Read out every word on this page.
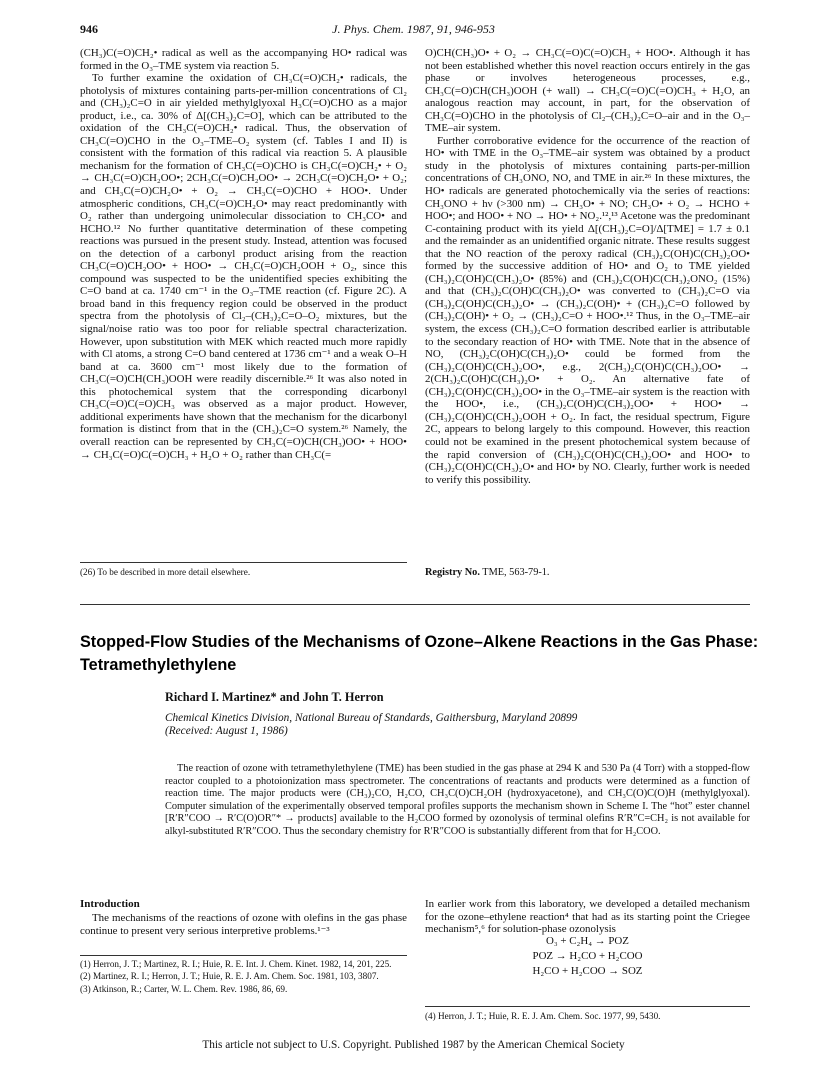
946	J. Phys. Chem. 1987, 91, 946-953

(CH₃)C(=O)CH₂• radical as well as the accompanying HO• radical was formed in the O₃–TME system via reaction 5.

To further examine the oxidation of CH₃C(=O)CH₂• radicals, the photolysis of mixtures containing parts-per-million concentrations of Cl₂ and (CH₃)₂C=O in air yielded methylglyoxal H₃C(=O)CHO as a major product, i.e., ca. 30% of Δ[(CH₃)₂C=O], which can be attributed to the oxidation of the CH₃C(=O)CH₂• radical. Thus, the observation of CH₃C(=O)CHO in the O₃–TME–O₂ system (cf. Tables I and II) is consistent with the formation of this radical via reaction 5. A plausible mechanism for the formation of CH₃C(=O)CHO is CH₃C(=O)CH₂• + O₂ → CH₃C(=O)CH₂OO•; 2CH₃C(=O)CH₂OO• → 2CH₃C(=O)CH₂O• + O₂; and CH₃C(=O)CH₂O• + O₂ → CH₃C(=O)CHO + HOO•. Under atmospheric conditions, CH₃C(=O)CH₂O• may react predominantly with O₂ rather than undergoing unimolecular dissociation to CH₃CO• and HCHO.¹² No further quantitative determination of these competing reactions was pursued in the present study. Instead, attention was focused on the detection of a carbonyl product arising from the reaction CH₃C(=O)CH₂OO• + HOO• → CH₃C(=O)CH₂OOH + O₂, since this compound was suspected to be the unidentified species exhibiting the C=O band at ca. 1740 cm⁻¹ in the O₃–TME reaction (cf. Figure 2C). A broad band in this frequency region could be observed in the product spectra from the photolysis of Cl₂–(CH₃)₂C=O–O₂ mixtures, but the signal/noise ratio was too poor for reliable spectral characterization. However, upon substitution with MEK which reacted much more rapidly with Cl atoms, a strong C=O band centered at 1736 cm⁻¹ and a weak O–H band at ca. 3600 cm⁻¹ most likely due to the formation of CH₃C(=O)CH(CH₃)OOH were readily discernible.²⁶ It was also noted in this photochemical system that the corresponding dicarbonyl CH₃C(=O)C(=O)CH₃ was observed as a major product. However, additional experiments have shown that the mechanism for the dicarbonyl formation is distinct from that in the (CH₃)₂C=O system.²⁶ Namely, the overall reaction can be represented by CH₃C(=O)CH(CH₃)OO• + HOO• → CH₃C(=O)C(=O)CH₃ + H₂O + O₂ rather than CH₃C(=

O)CH(CH₃)O• + O₂ → CH₃C(=O)C(=O)CH₃ + HOO•. Although it has not been established whether this novel reaction occurs entirely in the gas phase or involves heterogeneous processes, e.g., CH₃C(=O)CH(CH₃)OOH (+ wall) → CH₃C(=O)C(=O)CH₃ + H₂O, an analogous reaction may account, in part, for the observation of CH₃C(=O)CHO in the photolysis of Cl₂–(CH₃)₂C=O–air and in the O₃–TME–air system.

Further corroborative evidence for the occurrence of the reaction of HO• with TME in the O₃–TME–air system was obtained by a product study in the photolysis of mixtures containing parts-per-million concentrations of CH₃ONO, NO, and TME in air.²⁶ In these mixtures, the HO• radicals are generated photochemically via the series of reactions: CH₃ONO + hν (>300 nm) → CH₃O• + NO; CH₃O• + O₂ → HCHO + HOO•; and HOO• + NO → HO• + NO₂.¹²,¹³ Acetone was the predominant C-containing product with its yield Δ[(CH₃)₂C=O]/Δ[TME] = 1.7 ± 0.1 and the remainder as an unidentified organic nitrate. These results suggest that the NO reaction of the peroxy radical (CH₃)₂C(OH)C(CH₃)₂OO• formed by the successive addition of HO• and O₂ to TME yielded (CH₃)₂C(OH)C(CH₃)₂O• (85%) and (CH₃)₂C(OH)C(CH₃)₂ONO₂ (15%) and that (CH₃)₂C(OH)C(CH₃)₂O• was converted to (CH₃)₂C=O via (CH₃)₂C(OH)C(CH₃)₂O• → (CH₃)₂C(OH)• + (CH₃)₂C=O followed by (CH₃)₂C(OH)• + O₂ → (CH₃)₂C=O + HOO•.¹² Thus, in the O₃–TME–air system, the excess (CH₃)₂C=O formation described earlier is attributable to the secondary reaction of HO• with TME. Note that in the absence of NO, (CH₃)₂C(OH)C(CH₃)₂O• could be formed from the (CH₃)₂C(OH)C(CH₃)₂OO•, e.g., 2(CH₃)₂C(OH)C(CH₃)₂OO• → 2(CH₃)₂C(OH)C(CH₃)₂O• + O₂. An alternative fate of (CH₃)₂C(OH)C(CH₃)₂OO• in the O₃–TME–air system is the reaction with the HOO•, i.e., (CH₃)₂C(OH)C(CH₃)₂OO• + HOO• → (CH₃)₂C(OH)C(CH₃)₂OOH + O₂. In fact, the residual spectrum, Figure 2C, appears to belong largely to this compound. However, this reaction could not be examined in the present photochemical system because of the rapid conversion of (CH₃)₂C(OH)C(CH₃)₂OO• and HOO• to (CH₃)₂C(OH)C(CH₃)₂O• and HO• by NO. Clearly, further work is needed to verify this possibility.

(26) To be described in more detail elsewhere.	Registry No. TME, 563-79-1.
Stopped-Flow Studies of the Mechanisms of Ozone–Alkene Reactions in the Gas Phase: Tetramethylethylene
Richard I. Martinez* and John T. Herron
Chemical Kinetics Division, National Bureau of Standards, Gaithersburg, Maryland 20899
(Received: August 1, 1986)
The reaction of ozone with tetramethylethylene (TME) has been studied in the gas phase at 294 K and 530 Pa (4 Torr) with a stopped-flow reactor coupled to a photoionization mass spectrometer. The concentrations of reactants and products were determined as a function of reaction time. The major products were (CH₃)₂CO, H₂CO, CH₃C(O)CH₂OH (hydroxyacetone), and CH₃C(O)C(O)H (methylglyoxal). Computer simulation of the experimentally observed temporal profiles supports the mechanism shown in Scheme I. The “hot” ester channel [R′R″COO → R′C(O)OR″* → products] available to the H₂COO formed by ozonolysis of terminal olefins R′R″C=CH₂ is not available for alkyl-substituted R′R″COO. Thus the secondary chemistry for R′R″COO is substantially different from that for H₂COO.
Introduction
The mechanisms of the reactions of ozone with olefins in the gas phase continue to present very serious interpretive problems.¹⁻³
In earlier work from this laboratory, we developed a detailed mechanism for the ozone–ethylene reaction⁴ that had as its starting point the Criegee mechanism⁵,⁶ for solution-phase ozonolysis
O₃ + C₂H₄ → POZ
POZ → H₂CO + H₂COO
H₂CO + H₂COO → SOZ
(1) Herron, J. T.; Martinez, R. I.; Huie, R. E. Int. J. Chem. Kinet. 1982, 14, 201, 225.
(2) Martinez, R. I.; Herron, J. T.; Huie, R. E. J. Am. Chem. Soc. 1981, 103, 3807.
(3) Atkinson, R.; Carter, W. L. Chem. Rev. 1986, 86, 69.
(4) Herron, J. T.; Huie, R. E. J. Am. Chem. Soc. 1977, 99, 5430.
This article not subject to U.S. Copyright. Published 1987 by the American Chemical Society
